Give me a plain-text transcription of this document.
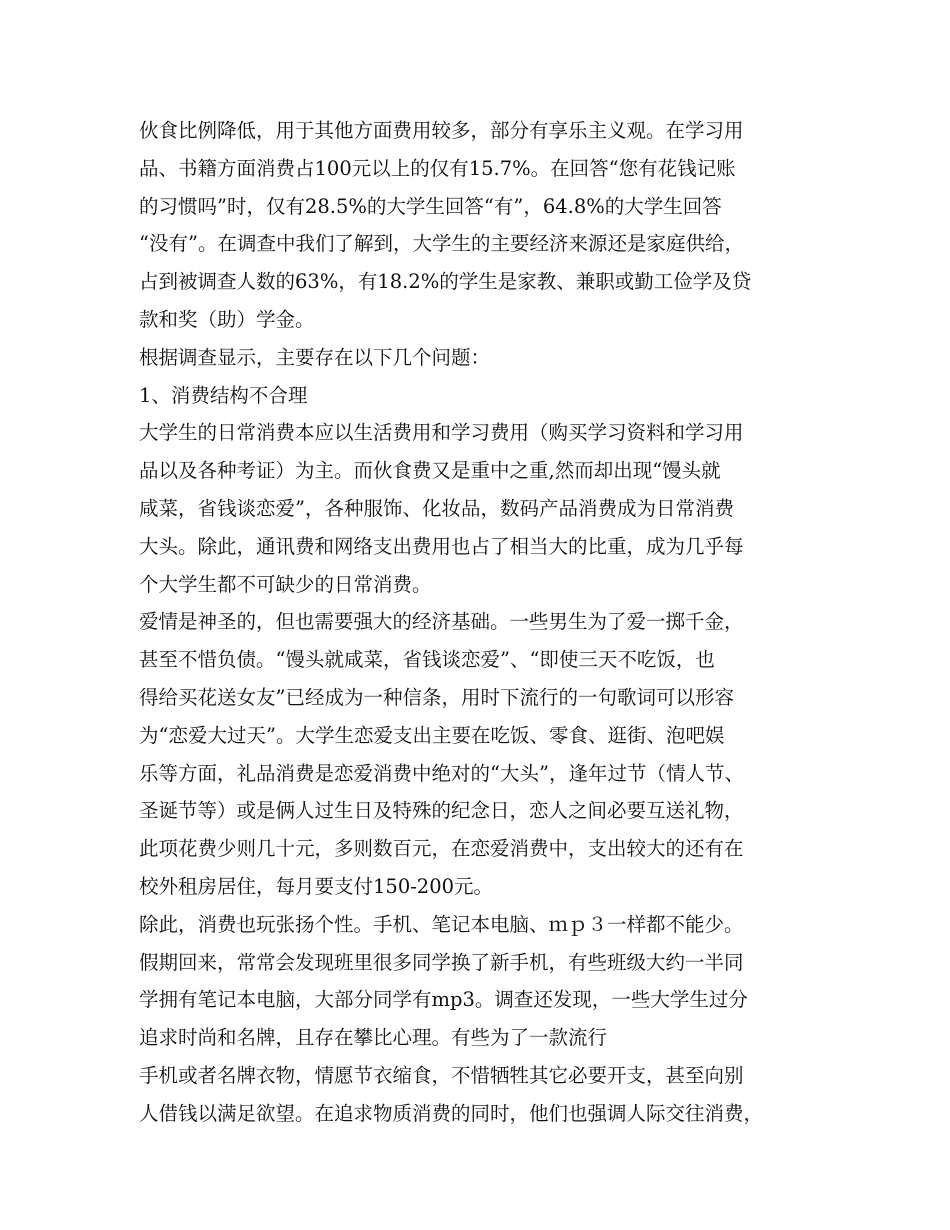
伙食比例降低，用于其他方面费用较多，部分有享乐主义观。在学习用
品、书籍方面消费占100元以上的仅有15.7%。在回答“您有花钱记账
的习惯吗”时，仅有28.5%的大学生回答“有”，64.8%的大学生回答
“没有”。在调查中我们了解到，大学生的主要经济来源还是家庭供给，
占到被调查人数的63%，有18.2%的学生是家教、兼职或勤工俭学及贷
款和奖（助）学金。
根据调查显示，主要存在以下几个问题：
1、消费结构不合理
大学生的日常消费本应以生活费用和学习费用（购买学习资料和学习用
品以及各种考证）为主。而伙食费又是重中之重,然而却出现“馒头就
咸菜，省钱谈恋爱”，各种服饰、化妆品，数码产品消费成为日常消费
大头。除此，通讯费和网络支出费用也占了相当大的比重，成为几乎每
个大学生都不可缺少的日常消费。
爱情是神圣的，但也需要强大的经济基础。一些男生为了爱一掷千金，
甚至不惜负债。“馒头就咸菜，省钱谈恋爱”、“即使三天不吃饭，也
得给买花送女友”已经成为一种信条，用时下流行的一句歌词可以形容
为“恋爱大过天”。大学生恋爱支出主要在吃饭、零食、逛街、泡吧娱
乐等方面，礼品消费是恋爱消费中绝对的“大头”，逢年过节（情人节、
圣诞节等）或是俩人过生日及特殊的纪念日，恋人之间必要互送礼物，
此项花费少则几十元，多则数百元，在恋爱消费中，支出较大的还有在
校外租房居住，每月要支付150-200元。
除此，消费也玩张扬个性。手机、笔记本电脑、ｍｐ３一样都不能少。
假期回来，常常会发现班里很多同学换了新手机，有些班级大约一半同
学拥有笔记本电脑，大部分同学有mp3。调查还发现，一些大学生过分
追求时尚和名牌，且存在攀比心理。有些为了一款流行
手机或者名牌衣物，情愿节衣缩食，不惜牺牲其它必要开支，甚至向别
人借钱以满足欲望。在追求物质消费的同时，他们也强调人际交往消费，
